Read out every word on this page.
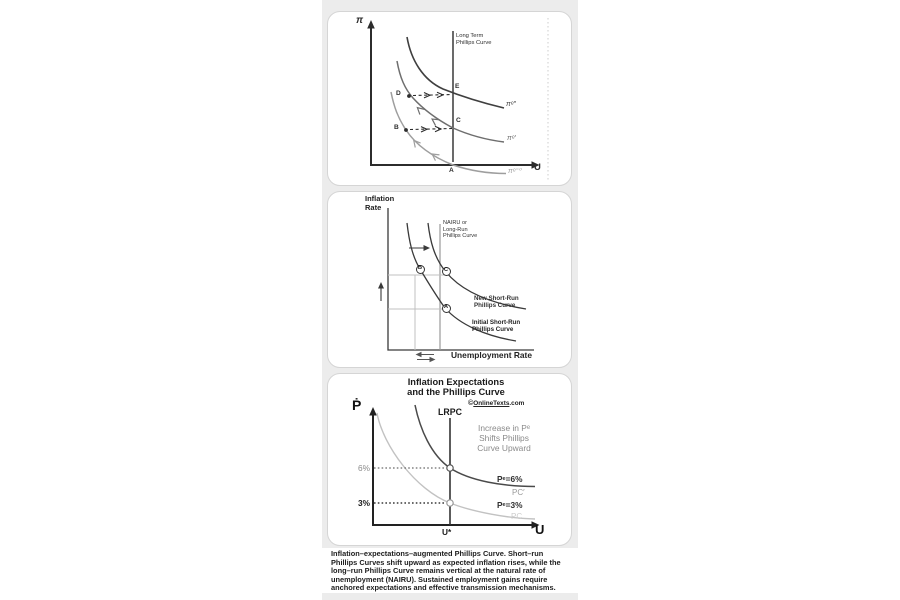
π
U
Long Term
Phillips Curve
πᵉ″
πᵉ′
πᵉ⁼⁰
D
E
B
C
A
Inflation
Rate
NAIRU or
Long-Run
Phillips Curve
New Short-Run
Phillips Curve
Initial Short-Run
Phillips Curve
Unemployment Rate
B	C
A
Inflation Expectations
and the Phillips Curve
©OnlineTexts.com
Ṗ	LRPC
Increase in Pᵉ
Shifts Phillips
Curve Upward
6%
3%
U*	U
Pᵉ=6%
PC′
Pᵉ=3%
PC

Inflation–expectations–augmented Phillips Curve. Short–run Phillips Curves shift upward as expected inflation rises, while the long–run Phillips Curve remains vertical at the natural rate of unemployment (NAIRU). Sustained employment gains require anchored expectations and effective transmission mechanisms.
